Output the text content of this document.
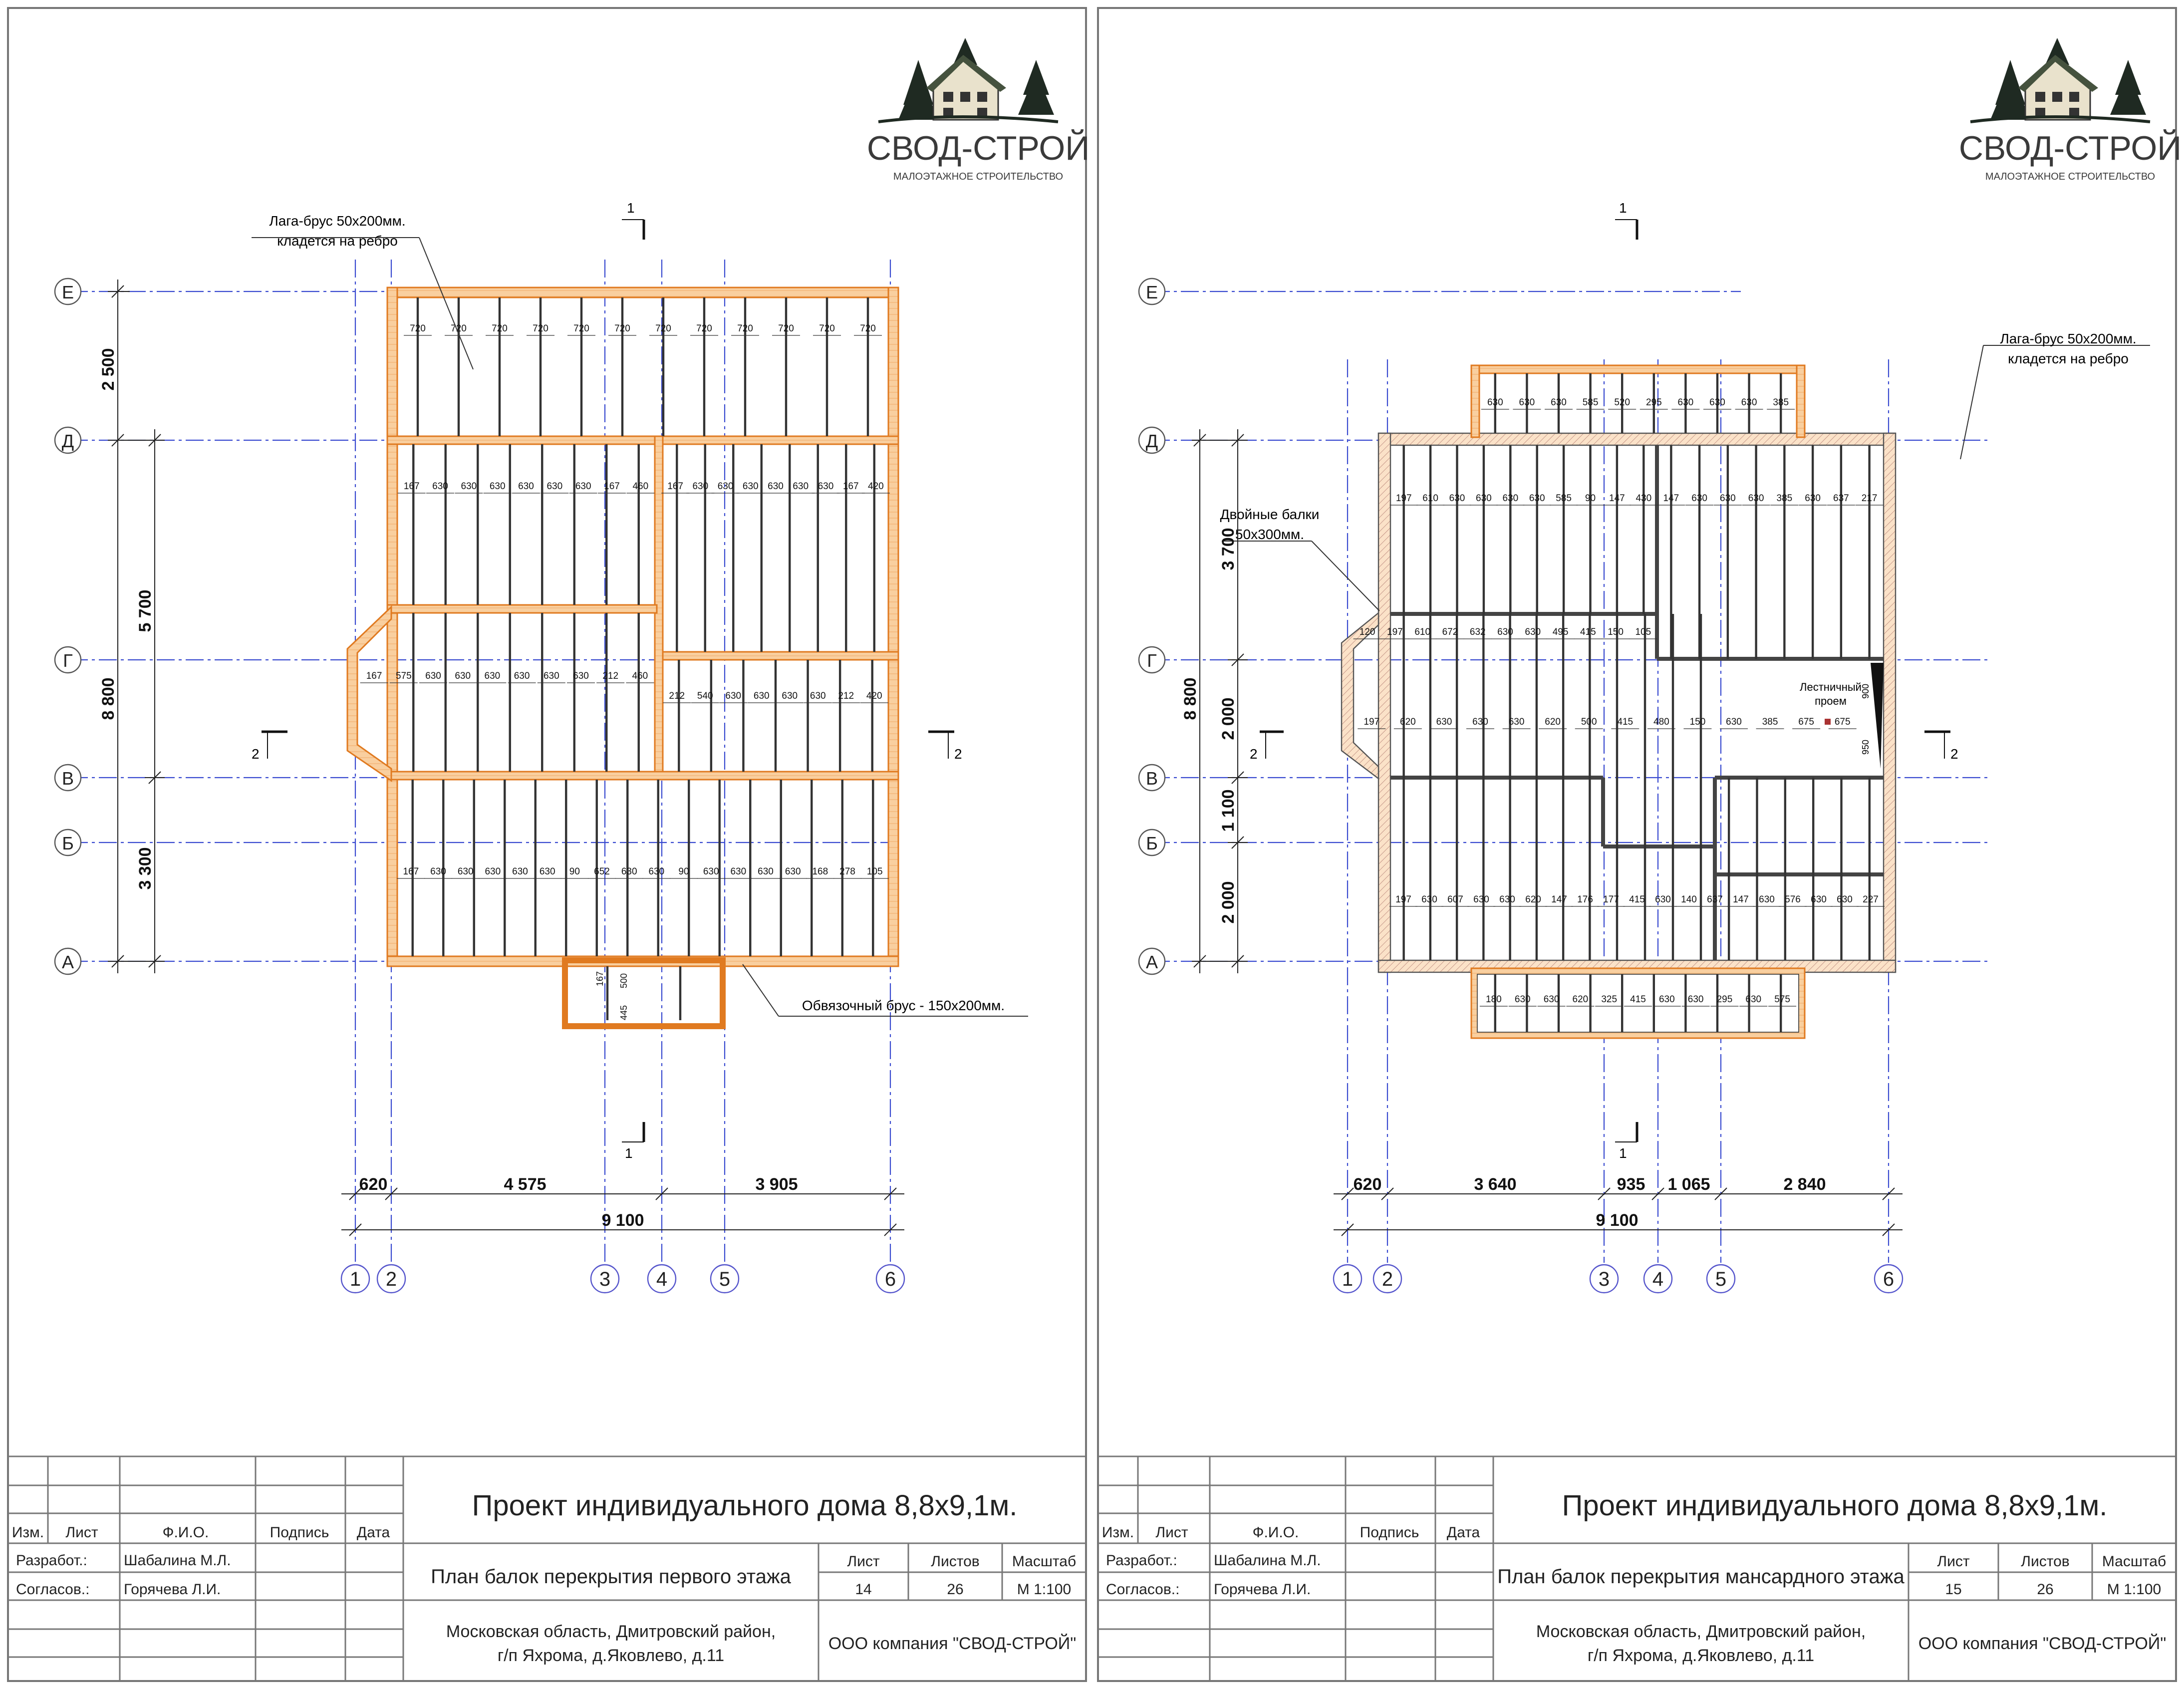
СВОД-СТРОЙ
МАЛОЭТАЖНОЕ СТРОИТЕЛЬСТВО
720	720	720	720	720	720	720	720	720	720	720	720
167	630	630	630	630	630	630	167	460	167 630 630 630 630 630 630 167 420
167	575	630	630	630	630	630	630	212	460
212	540	630	630	630	630	212	420
167 630 630 630 630 630	90	652 630 630	90	630 630 630 630 168 278 105
Лага-брус 50х200мм.
кладется на ребро
Обвязочный брус - 150х200мм.
1
1
2	2
Е
Д
Г
В
Б
А
8 800
2 500
5 700
3 300
620	4 575	3 905
9 100
1 2	3	4	5	6
167	500
445
Изм.	Лист	Ф.И.О.	Подпись	Дата
Разработ.:	Шабалина М.Л.
Согласов.:	Горячева Л.И.
Проект индивидуального дома 8,8х9,1м.
План балок перекрытия первого этажа
Лист	Листов	Масштаб
14	26	М 1:100
Московская область, Дмитровский район,
г/п Яхрома, д.Яковлево, д.11
ООО компания "СВОД-СТРОЙ"
СВОД-СТРОЙ
МАЛОЭТАЖНОЕ СТРОИТЕЛЬСТВО
Лестничный
проем
900
950
630	630	630	585	520	295	630	630	630	385
197 610 630 630 630 630 585	90	147 430 147	630	630	630	385	630	637	217
120 197 610 672 632 630 630 495 415 150 105
197	620	630	630	630	620	500	415	480	150	630	385	675	675
197 630 607 630 630 620 147 176 177 415 630 140 637 147 630 576 630 630 227
180	630	630	620	325	415	630	630	295	630	575
Лага-брус 50х200мм.
кладется на ребро
Двойные балки
50х300мм.
1
1
2	2
Е
Д
Г
В
Б
А
8 800
3 700
2 000
1 100
2 000
620	3 640	935	1 065	2 840
9 100
1	2	3	4	5	6
Изм.	Лист	Ф.И.О.	Подпись	Дата
Разработ.:	Шабалина М.Л.
Согласов.:	Горячева Л.И.
Проект индивидуального дома 8,8х9,1м.
План балок перекрытия мансардного этажа
Лист	Листов	Масштаб
15	26	М 1:100
Московская область, Дмитровский район,
г/п Яхрома, д.Яковлево, д.11
ООО компания "СВОД-СТРОЙ"
